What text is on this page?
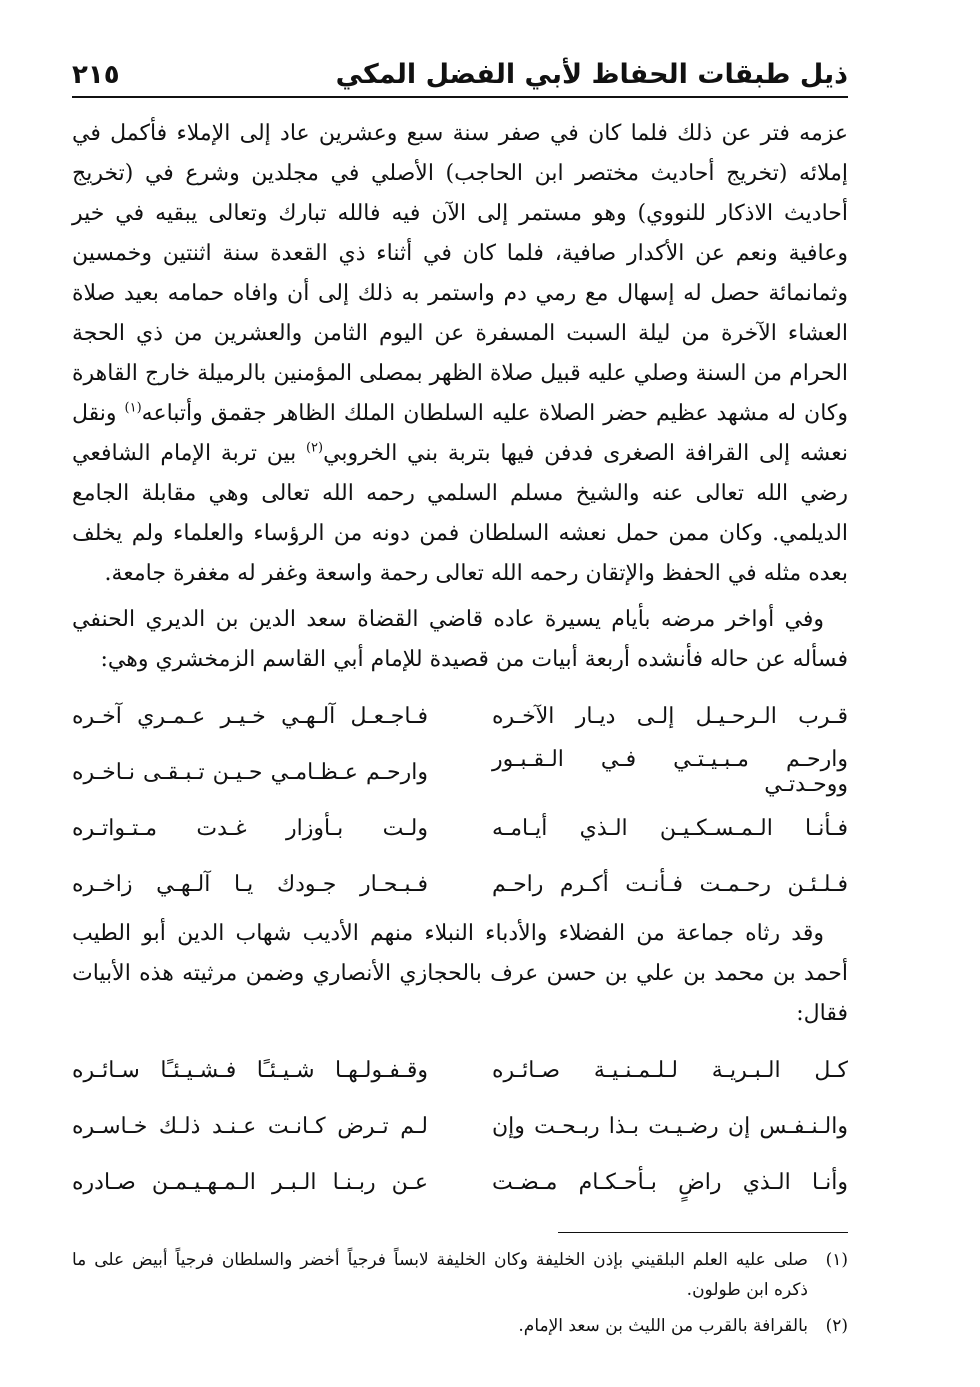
ذيل طبقات الحفاظ لأبي الفضل المكي
٢١٥

عزمه فتر عن ذلك فلما كان في صفر سنة سبع وعشرين عاد إلى الإملاء فأكمل في إملائه (تخريج أحاديث مختصر ابن الحاجب) الأصلي في مجلدين وشرع في (تخريج أحاديث الاذكار للنووي) وهو مستمر إلى الآن فيه فالله تبارك وتعالى يبقيه في خير وعافية ونعم عن الأكدار صافية، فلما كان في أثناء ذي القعدة سنة اثنتين وخمسين وثمانمائة حصل له إسهال مع رمي دم واستمر به ذلك إلى أن وافاه حمامه بعيد صلاة العشاء الآخرة من ليلة السبت المسفرة عن اليوم الثامن والعشرين من ذي الحجة الحرام من السنة وصلي عليه قبيل صلاة الظهر بمصلى المؤمنين بالرميلة خارج القاهرة وكان له مشهد عظيم حضر الصلاة عليه السلطان الملك الظاهر جقمق وأتباعه$^{(١)}$ ونقل نعشه إلى القرافة الصغرى فدفن فيها بتربة بني الخروبي$^{(٢)}$ بين تربة الإمام الشافعي رضي الله تعالى عنه والشيخ مسلم السلمي رحمه الله تعالى وهي مقابلة الجامع الديلمي. وكان ممن حمل نعشه السلطان فمن دونه من الرؤساء والعلماء ولم يخلف بعده مثله في الحفظ والإتقان رحمه الله تعالى رحمة واسعة وغفر له مغفرة جامعة.

وفي أواخر مرضه بأيام يسيرة عاده قاضي القضاة سعد الدين بن الديري الحنفي فسأله عن حاله فأنشده أربعة أبيات من قصيدة للإمام أبي القاسم الزمخشري وهي:

قـرب الـرحـيـل إلـى ديـار الآخـره
فـاجـعـل آلـهـي خـيـر عـمـري آخـره
وارحـم مـبـيـتـي فـي الـقـبـور ووحـدتـي
وارحـم عـظـامـي حـيـن تـبـقـى نـاخـره
فـأنـا الـمـسـكـيـن الـذي أيـامـه
ولـت بـأوزار غـدت مـتـواتـره
فـلـئـن رحـمـت فـأنـت أكـرم راحـم
فـبـحـار جـودك يـا آلـهـي زاخـره

وقد رثاه جماعة من الفضلاء والأدباء النبلاء منهم الأديب شهاب الدين أبو الطيب أحمد بن محمد بن علي بن حسن عرف بالحجازي الأنصاري وضمن مرثيته هذه الأبيات فقال:

كـل الـبـريـة لـلـمـنـيـة صـائـره
وقـفـولـهـا شـيـئـًا فـشـيـئـًا سـائـره
والـنـفـس إن رضـيـت بـذا ربـحـت وإن
لـم تـرض كـانـت عـنـد ذلـك خـاسـره
وأنـا الـذي راضٍ بـأحـكـام مـضـت
عـن ربـنـا الـبـر الـمـهـيـمـن صـادره
(١)
صلى عليه العلم البلقيني بإذن الخليفة وكان الخليفة لابساً فرجياً أخضر والسلطان فرجياً أبيض على ما ذكره ابن طولون.
(٢)
بالقرافة بالقرب من الليث بن سعد الإمام.
